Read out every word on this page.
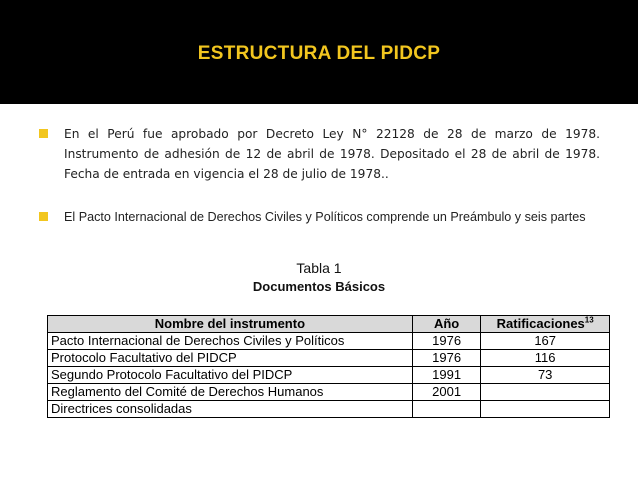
ESTRUCTURA DEL PIDCP
En el Perú fue aprobado por Decreto Ley N° 22128 de 28 de marzo de 1978. Instrumento de adhesión de 12 de abril de 1978. Depositado el 28 de abril de 1978. Fecha de entrada en vigencia el 28 de julio de 1978..
El Pacto Internacional de Derechos Civiles y Políticos comprende un Preámbulo y seis partes
Tabla 1
Documentos Básicos
Nombre del instrumento	Año	Ratificaciones$^{13}$
Pacto Internacional de Derechos Civiles y Políticos	1976	167
Protocolo Facultativo del PIDCP	1976	116
Segundo Protocolo Facultativo del PIDCP	1991	73
Reglamento del Comité de Derechos Humanos	2001	
Directrices consolidadas		
